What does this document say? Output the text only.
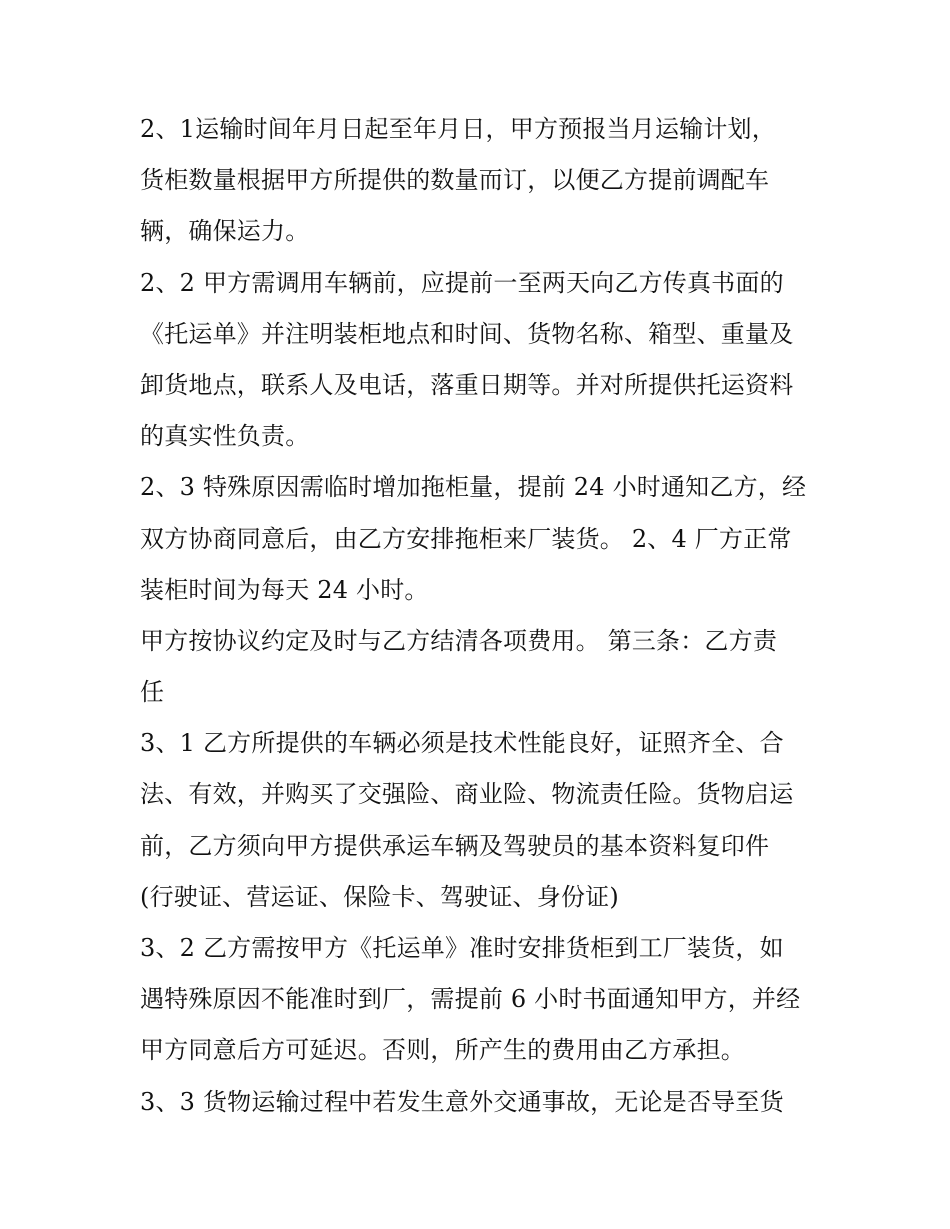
2、1运输时间年月日起至年月日，甲方预报当月运输计划，
货柜数量根据甲方所提供的数量而订，以便乙方提前调配车
辆，确保运力。
2、2 甲方需调用车辆前，应提前一至两天向乙方传真书面的
《托运单》并注明装柜地点和时间、货物名称、箱型、重量及
卸货地点，联系人及电话，落重日期等。并对所提供托运资料
的真实性负责。
2、3 特殊原因需临时增加拖柜量，提前 24 小时通知乙方，经
双方协商同意后，由乙方安排拖柜来厂装货。 2、4 厂方正常
装柜时间为每天 24 小时。
甲方按协议约定及时与乙方结清各项费用。 第三条：乙方责
任
3、1 乙方所提供的车辆必须是技术性能良好，证照齐全、合
法、有效，并购买了交强险、商业险、物流责任险。货物启运
前，乙方须向甲方提供承运车辆及驾驶员的基本资料复印件
(行驶证、营运证、保险卡、驾驶证、身份证)
3、2 乙方需按甲方《托运单》准时安排货柜到工厂装货，如
遇特殊原因不能准时到厂，需提前 6 小时书面通知甲方，并经
甲方同意后方可延迟。否则，所产生的费用由乙方承担。
3、3 货物运输过程中若发生意外交通事故，无论是否导至货
